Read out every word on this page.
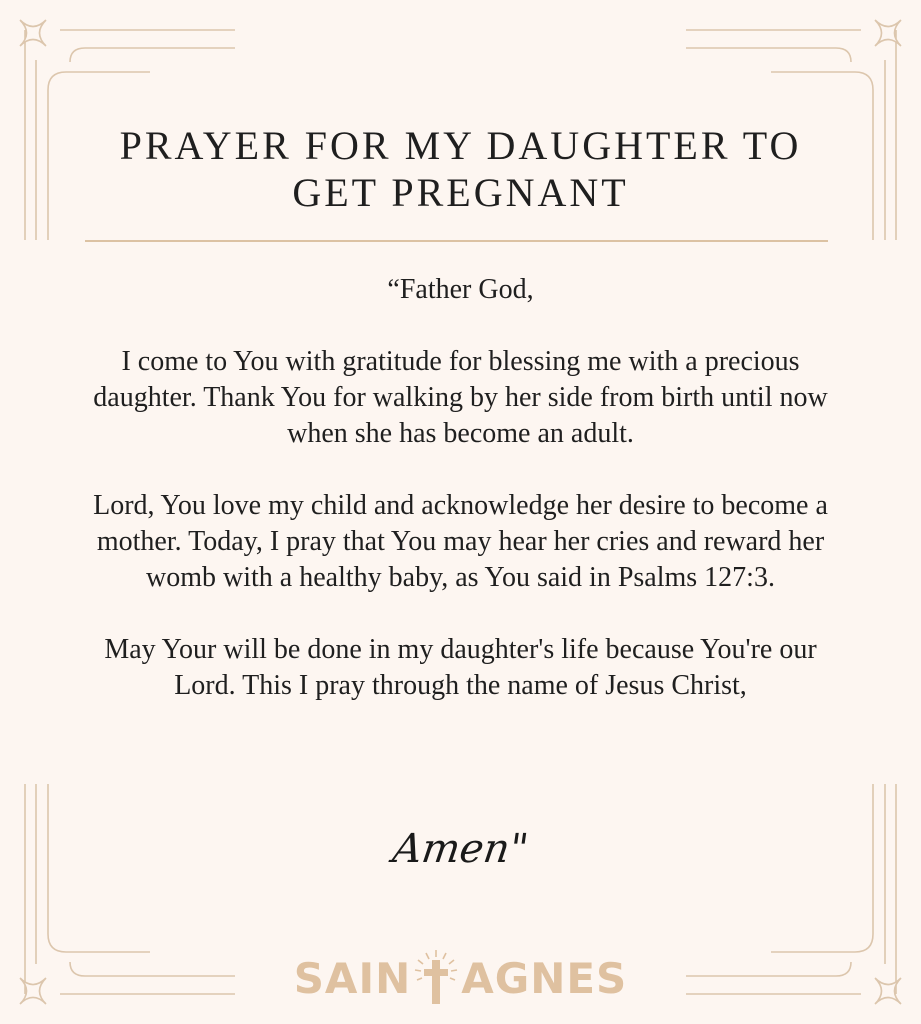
PRAYER FOR MY DAUGHTER TO
GET PREGNANT

“Father God,

I come to You with gratitude for blessing me with a precious daughter. Thank You for walking by her side from birth until now when she has become an adult.

Lord, You love my child and acknowledge her desire to become a mother. Today, I pray that You may hear her cries and reward her womb with a healthy baby, as You said in Psalms 127:3.

May Your will be done in my daughter's life because You're our Lord. This I pray through the name of Jesus Christ,

Amen"
SAIN AGNES
